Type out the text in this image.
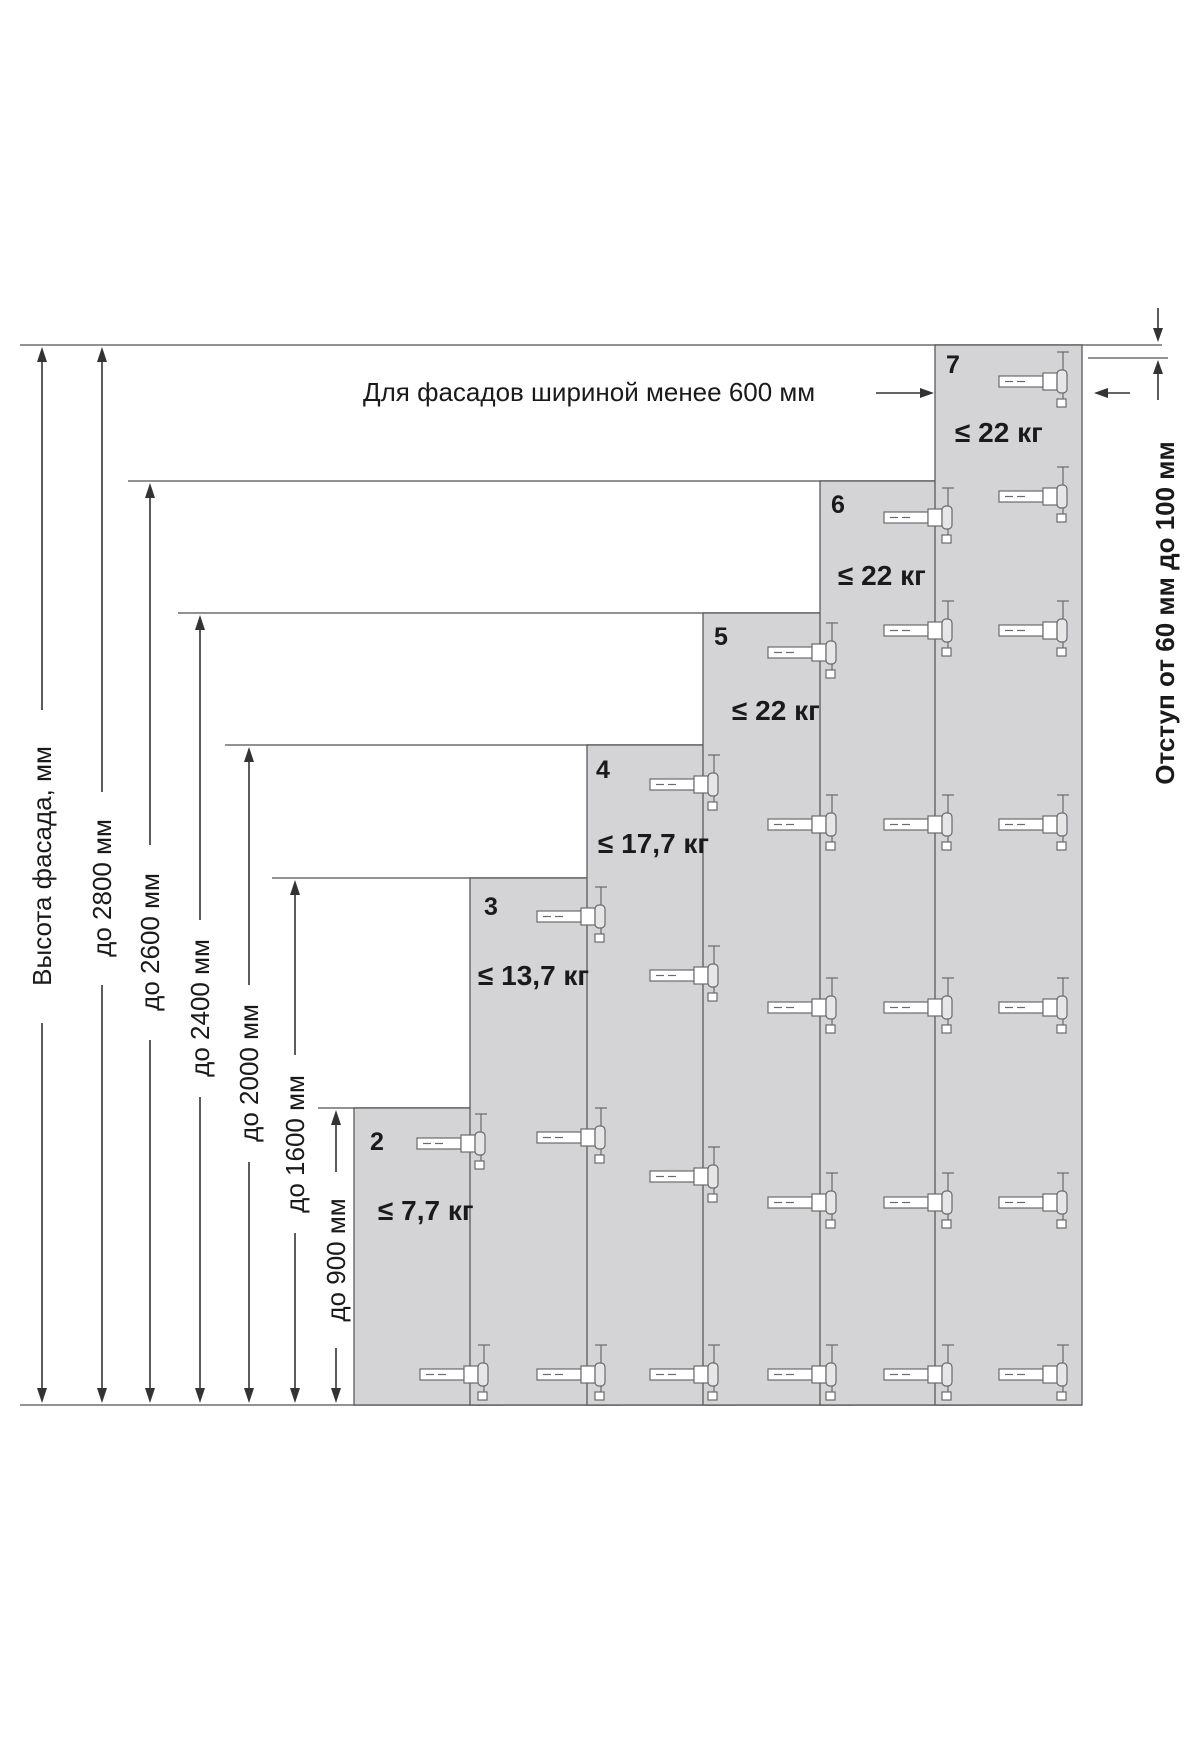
2
≤ 7,7 кг
3
≤ 13,7 кг
4
≤ 17,7 кг
5
≤ 22 кг
6
≤ 22 кг
7
≤ 22 кг
Высота фасада, мм до 2800 мм до 2600 мм до 2400 мм до 2000 мм
до 1600 мм
до 900 мм
Для фасадов шириной менее 600 мм
Отступ от 60 мм до 100 мм
